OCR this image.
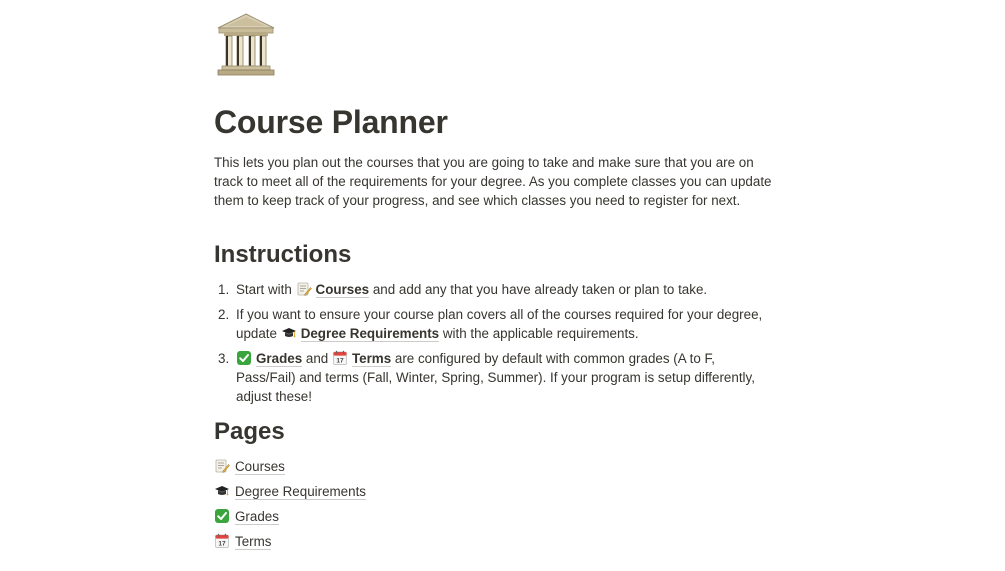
Course Planner

This lets you plan out the courses that you are going to take and make sure that you are on track to meet all of the requirements for your degree. As you complete classes you can update them to keep track of your progress, and see which classes you need to register for next.

Instructions
1. Start with Courses and add any that you have already taken or plan to take.
2. If you want to ensure your course plan covers all of the courses required for your degree, update Degree Requirements with the applicable requirements.
3.	Grades and Terms are configured by default with common grades (A to F, Pass/Fail) and terms (Fall, Winter, Spring, Summer). If your program is setup differently, adjust these!
Pages
Courses
Degree Requirements
Grades
Terms
